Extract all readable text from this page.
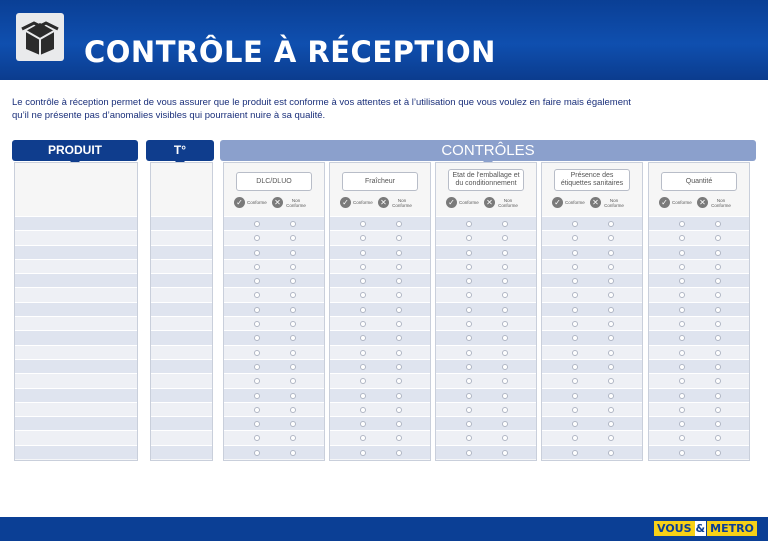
CONTRÔLE À RÉCEPTION

Le contrôle à réception permet de vous assurer que le produit est conforme à vos attentes et à l’utilisation que vous voulez en faire mais également

qu’il ne présente pas d’anomalies visibles qui pourraient nuire à sa qualité.

PRODUIT	T°	CONTRÔLES
DLC/DLUO
✓ Conforme ✕	Non Conforme
Fraîcheur
✓ Conforme ✕	Non Conforme
Etat de l'emballage et du conditionnement
✓ Conforme ✕	Non Conforme
Présence des étiquettes sanitaires
✓ Conforme ✕	Non Conforme
Quantité
✓ Conforme ✕	Non Conforme
VOUS & METRO
